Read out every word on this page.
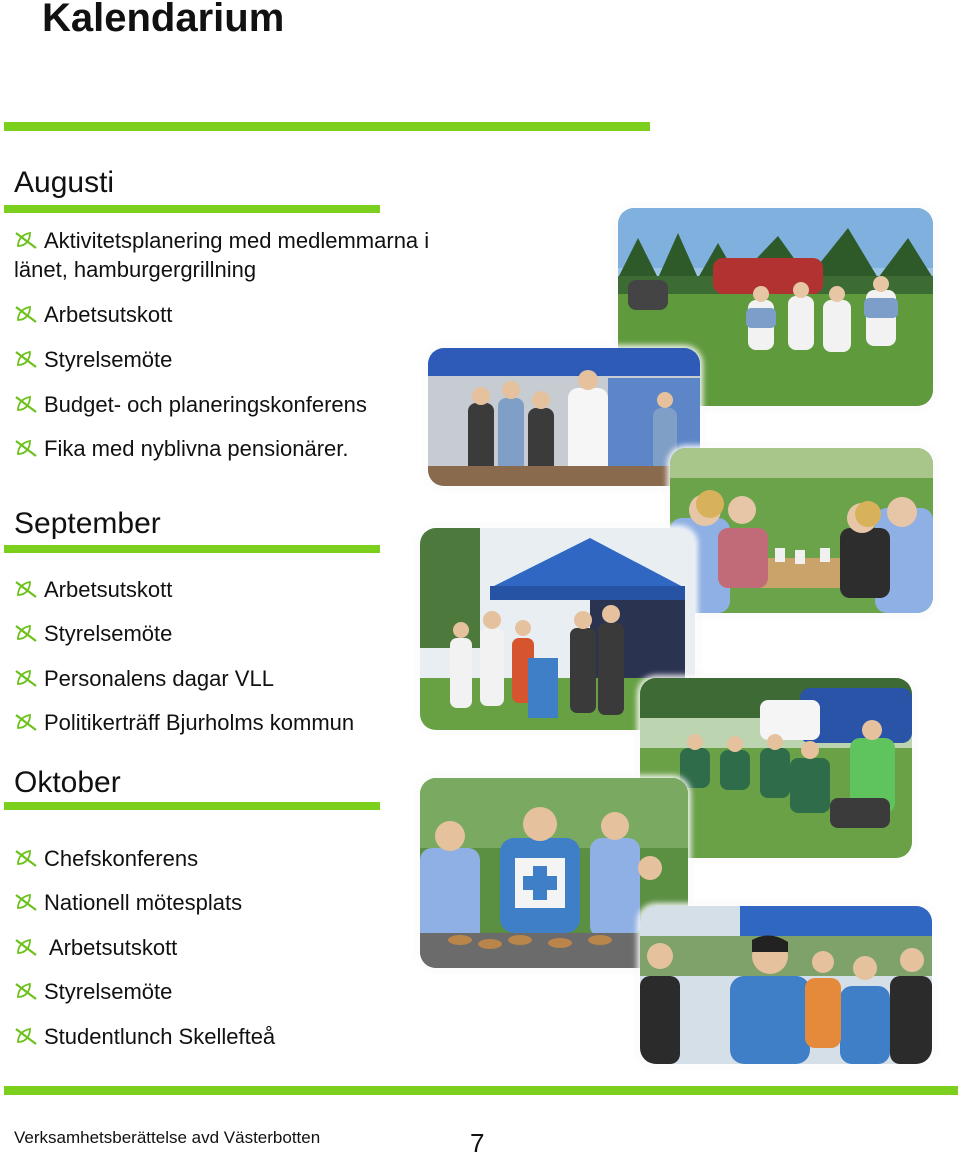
Kalendarium
Augusti
Aktivitetsplanering med medlemmarna i länet, hamburgergrillning
Arbetsutskott
Styrelsemöte
Budget- och planeringskonferens
Fika med nyblivna pensionärer.
September
Arbetsutskott
Styrelsemöte
Personalens dagar VLL
Politikerträff Bjurholms kommun
Oktober
Chefskonferens
Nationell mötesplats
Arbetsutskott
Styrelsemöte
Studentlunch Skellefteå
Verksamhetsberättelse avd Västerbotten	7
